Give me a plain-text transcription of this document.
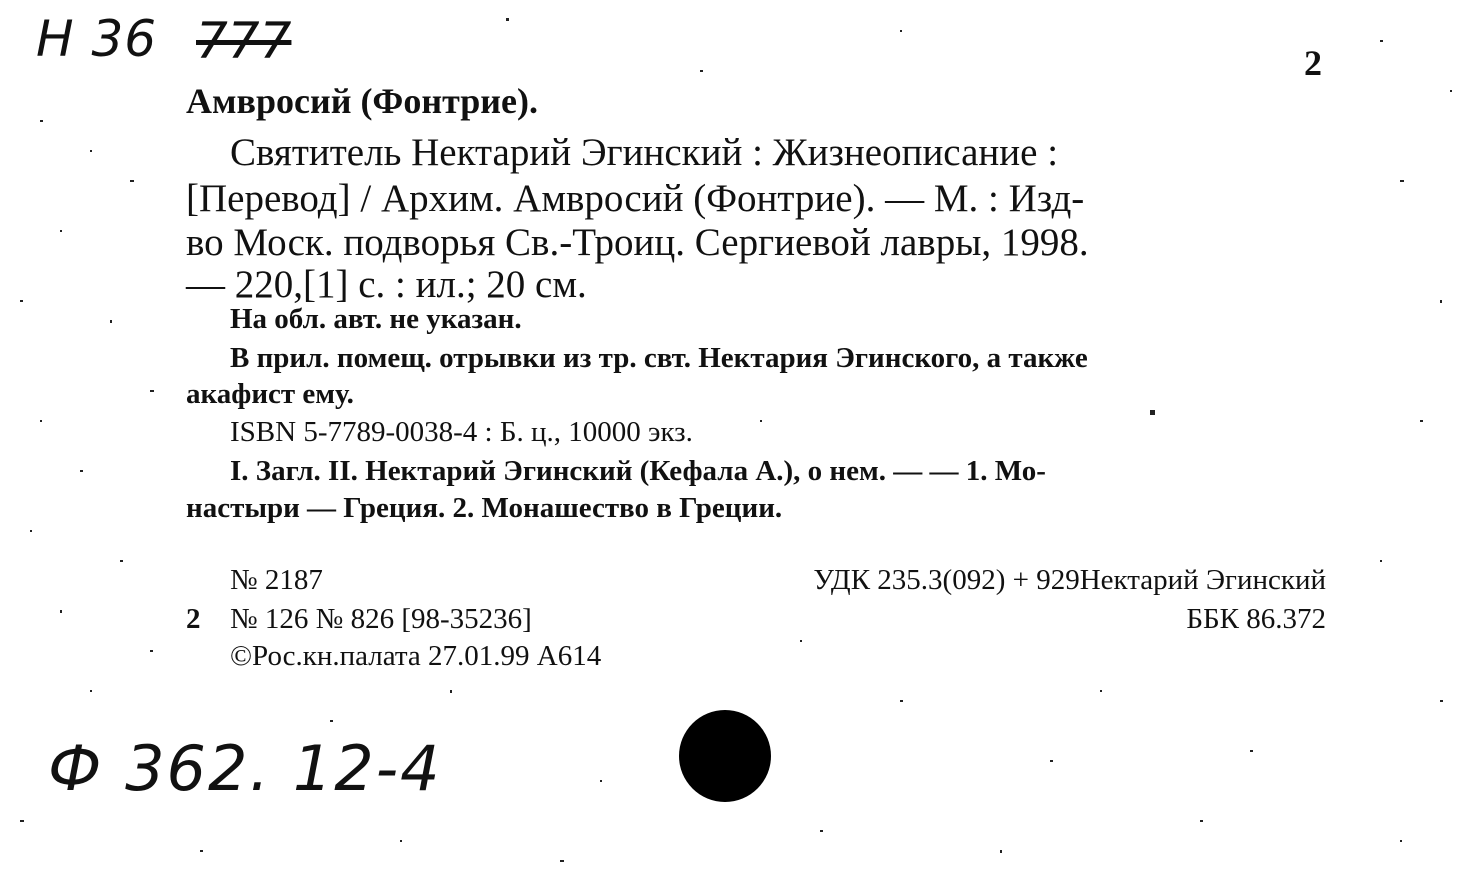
Н 36 777	2
Амвросий (Фонтрие).
Святитель Нектарий Эгинский : Жизнеописание :
[Перевод] / Архим. Амвросий (Фонтрие). — М. : Изд-
во Моск. подворья Св.-Троиц. Сергиевой лавры, 1998.
— 220,[1] с. : ил.; 20 см.
На обл. авт. не указан.
В прил. помещ. отрывки из тр. свт. Нектария Эгинского, а также
акафист ему.
ISBN 5-7789-0038-4 : Б. ц., 10000 экз.
I. Загл. II. Нектарий Эгинский (Кефала А.), о нем. — — 1. Мо-
настыри — Греция. 2. Монашество в Греции.
№ 2187	УДК 235.3(092) + 929Нектарий Эгинский
2 № 126 № 826 [98-35236]	ББК 86.372
©Рос.кн.палата 27.01.99 А614
Ф 362. 12-4
